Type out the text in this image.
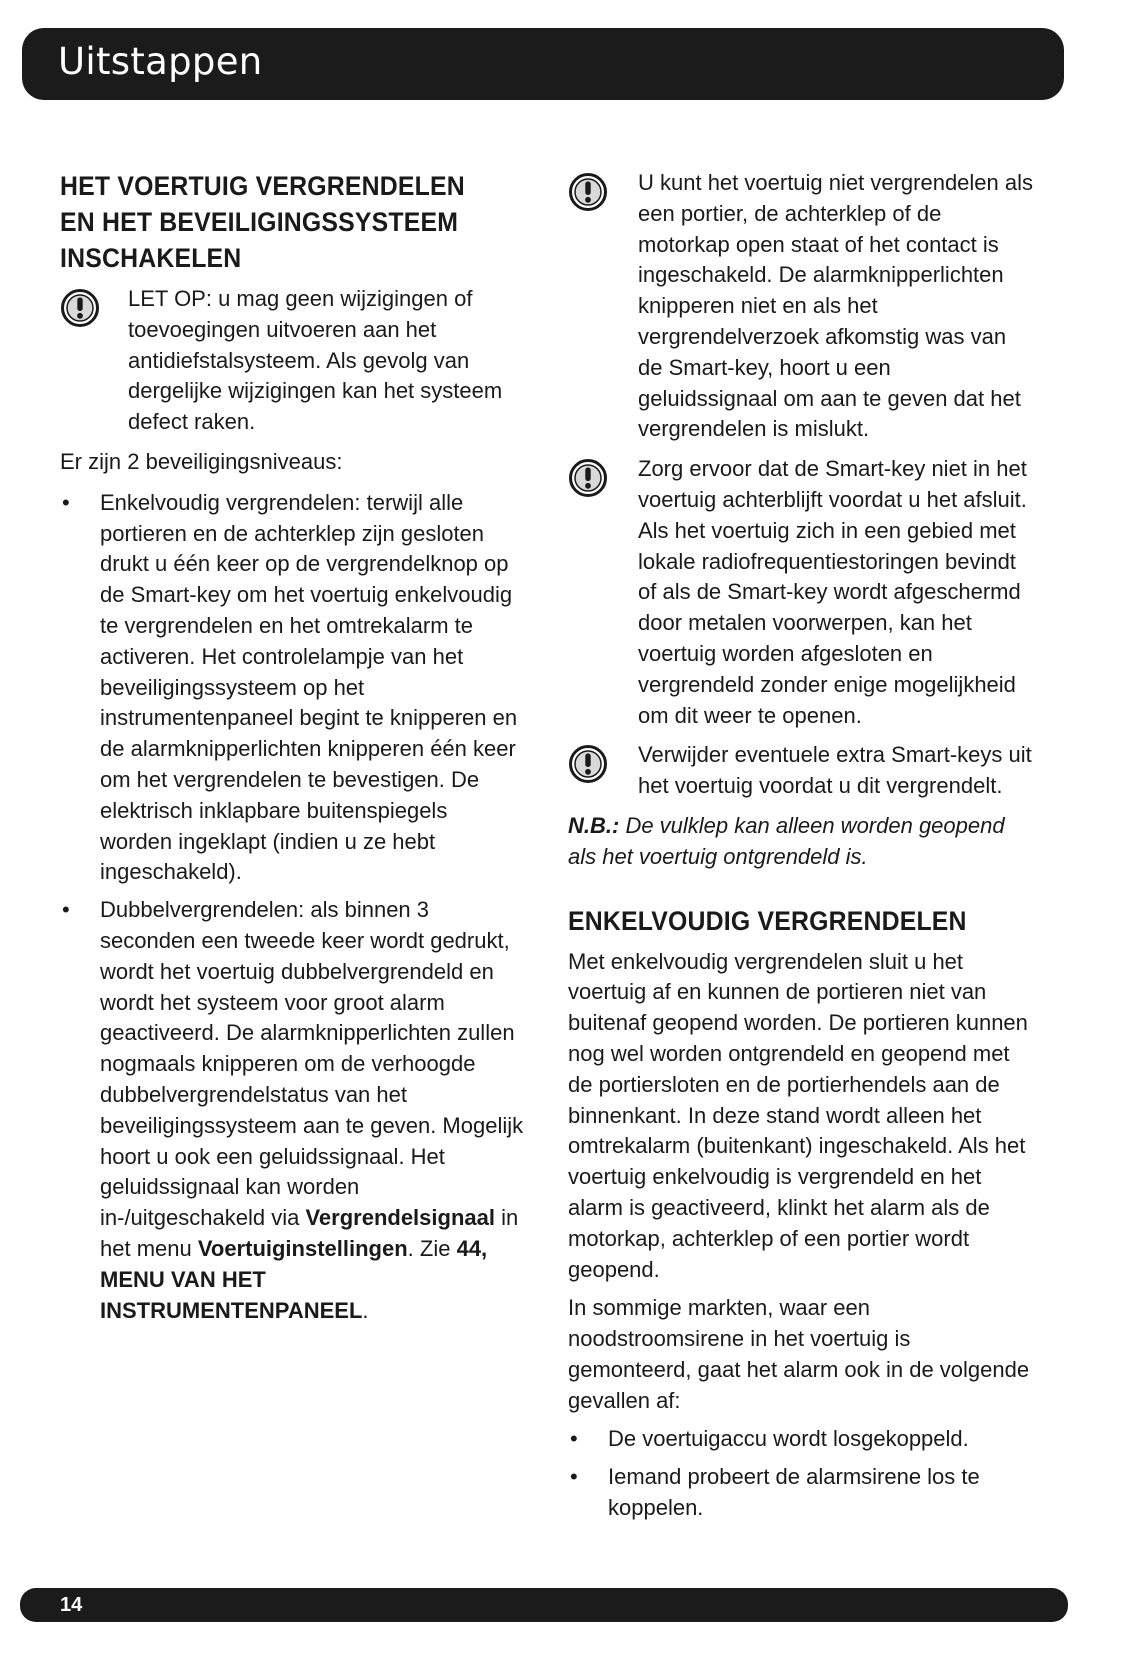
Uitstappen
HET VOERTUIG VERGRENDELEN EN HET BEVEILIGINGSSYSTEEM INSCHAKELEN

LET OP: u mag geen wijzigingen of toevoegingen uitvoeren aan het antidiefstalsysteem. Als gevolg van dergelijke wijzigingen kan het systeem defect raken.

Er zijn 2 beveiligingsniveaus:

• Enkelvoudig vergrendelen: terwijl alle portieren en de achterklep zijn gesloten drukt u één keer op de vergrendelknop op de Smart-key om het voertuig enkelvoudig te vergrendelen en het omtrekalarm te activeren. Het controlelampje van het beveiligingssysteem op het instrumentenpaneel begint te knipperen en de alarmknipperlichten knipperen één keer om het vergrendelen te bevestigen. De elektrisch inklapbare buitenspiegels worden ingeklapt (indien u ze hebt ingeschakeld).
• Dubbelvergrendelen: als binnen 3 seconden een tweede keer wordt gedrukt, wordt het voertuig dubbelvergrendeld en wordt het systeem voor groot alarm geactiveerd. De alarmknipperlichten zullen nogmaals knipperen om de verhoogde dubbelvergrendelstatus van het beveiligingssysteem aan te geven. Mogelijk hoort u ook een geluidssignaal. Het geluidssignaal kan worden in-/uitgeschakeld via Vergrendelsignaal in het menu Voertuiginstellingen. Zie 44, MENU VAN HET INSTRUMENTENPANEEL.

U kunt het voertuig niet vergrendelen als een portier, de achterklep of de motorkap open staat of het contact is ingeschakeld. De alarmknipperlichten knipperen niet en als het vergrendelverzoek afkomstig was van de Smart-key, hoort u een geluidssignaal om aan te geven dat het vergrendelen is mislukt.

Zorg ervoor dat de Smart-key niet in het voertuig achterblijft voordat u het afsluit. Als het voertuig zich in een gebied met lokale radiofrequentiestoringen bevindt of als de Smart-key wordt afgeschermd door metalen voorwerpen, kan het voertuig worden afgesloten en vergrendeld zonder enige mogelijkheid om dit weer te openen.

Verwijder eventuele extra Smart-keys uit het voertuig voordat u dit vergrendelt.

N.B.: De vulklep kan alleen worden geopend als het voertuig ontgrendeld is.

ENKELVOUDIG VERGRENDELEN

Met enkelvoudig vergrendelen sluit u het voertuig af en kunnen de portieren niet van buitenaf geopend worden. De portieren kunnen nog wel worden ontgrendeld en geopend met de portiersloten en de portierhendels aan de binnenkant. In deze stand wordt alleen het omtrekalarm (buitenkant) ingeschakeld. Als het voertuig enkelvoudig is vergrendeld en het alarm is geactiveerd, klinkt het alarm als de motorkap, achterklep of een portier wordt geopend.

In sommige markten, waar een noodstroomsirene in het voertuig is gemonteerd, gaat het alarm ook in de volgende gevallen af:

• De voertuigaccu wordt losgekoppeld.
• Iemand probeert de alarmsirene los te koppelen.
14
